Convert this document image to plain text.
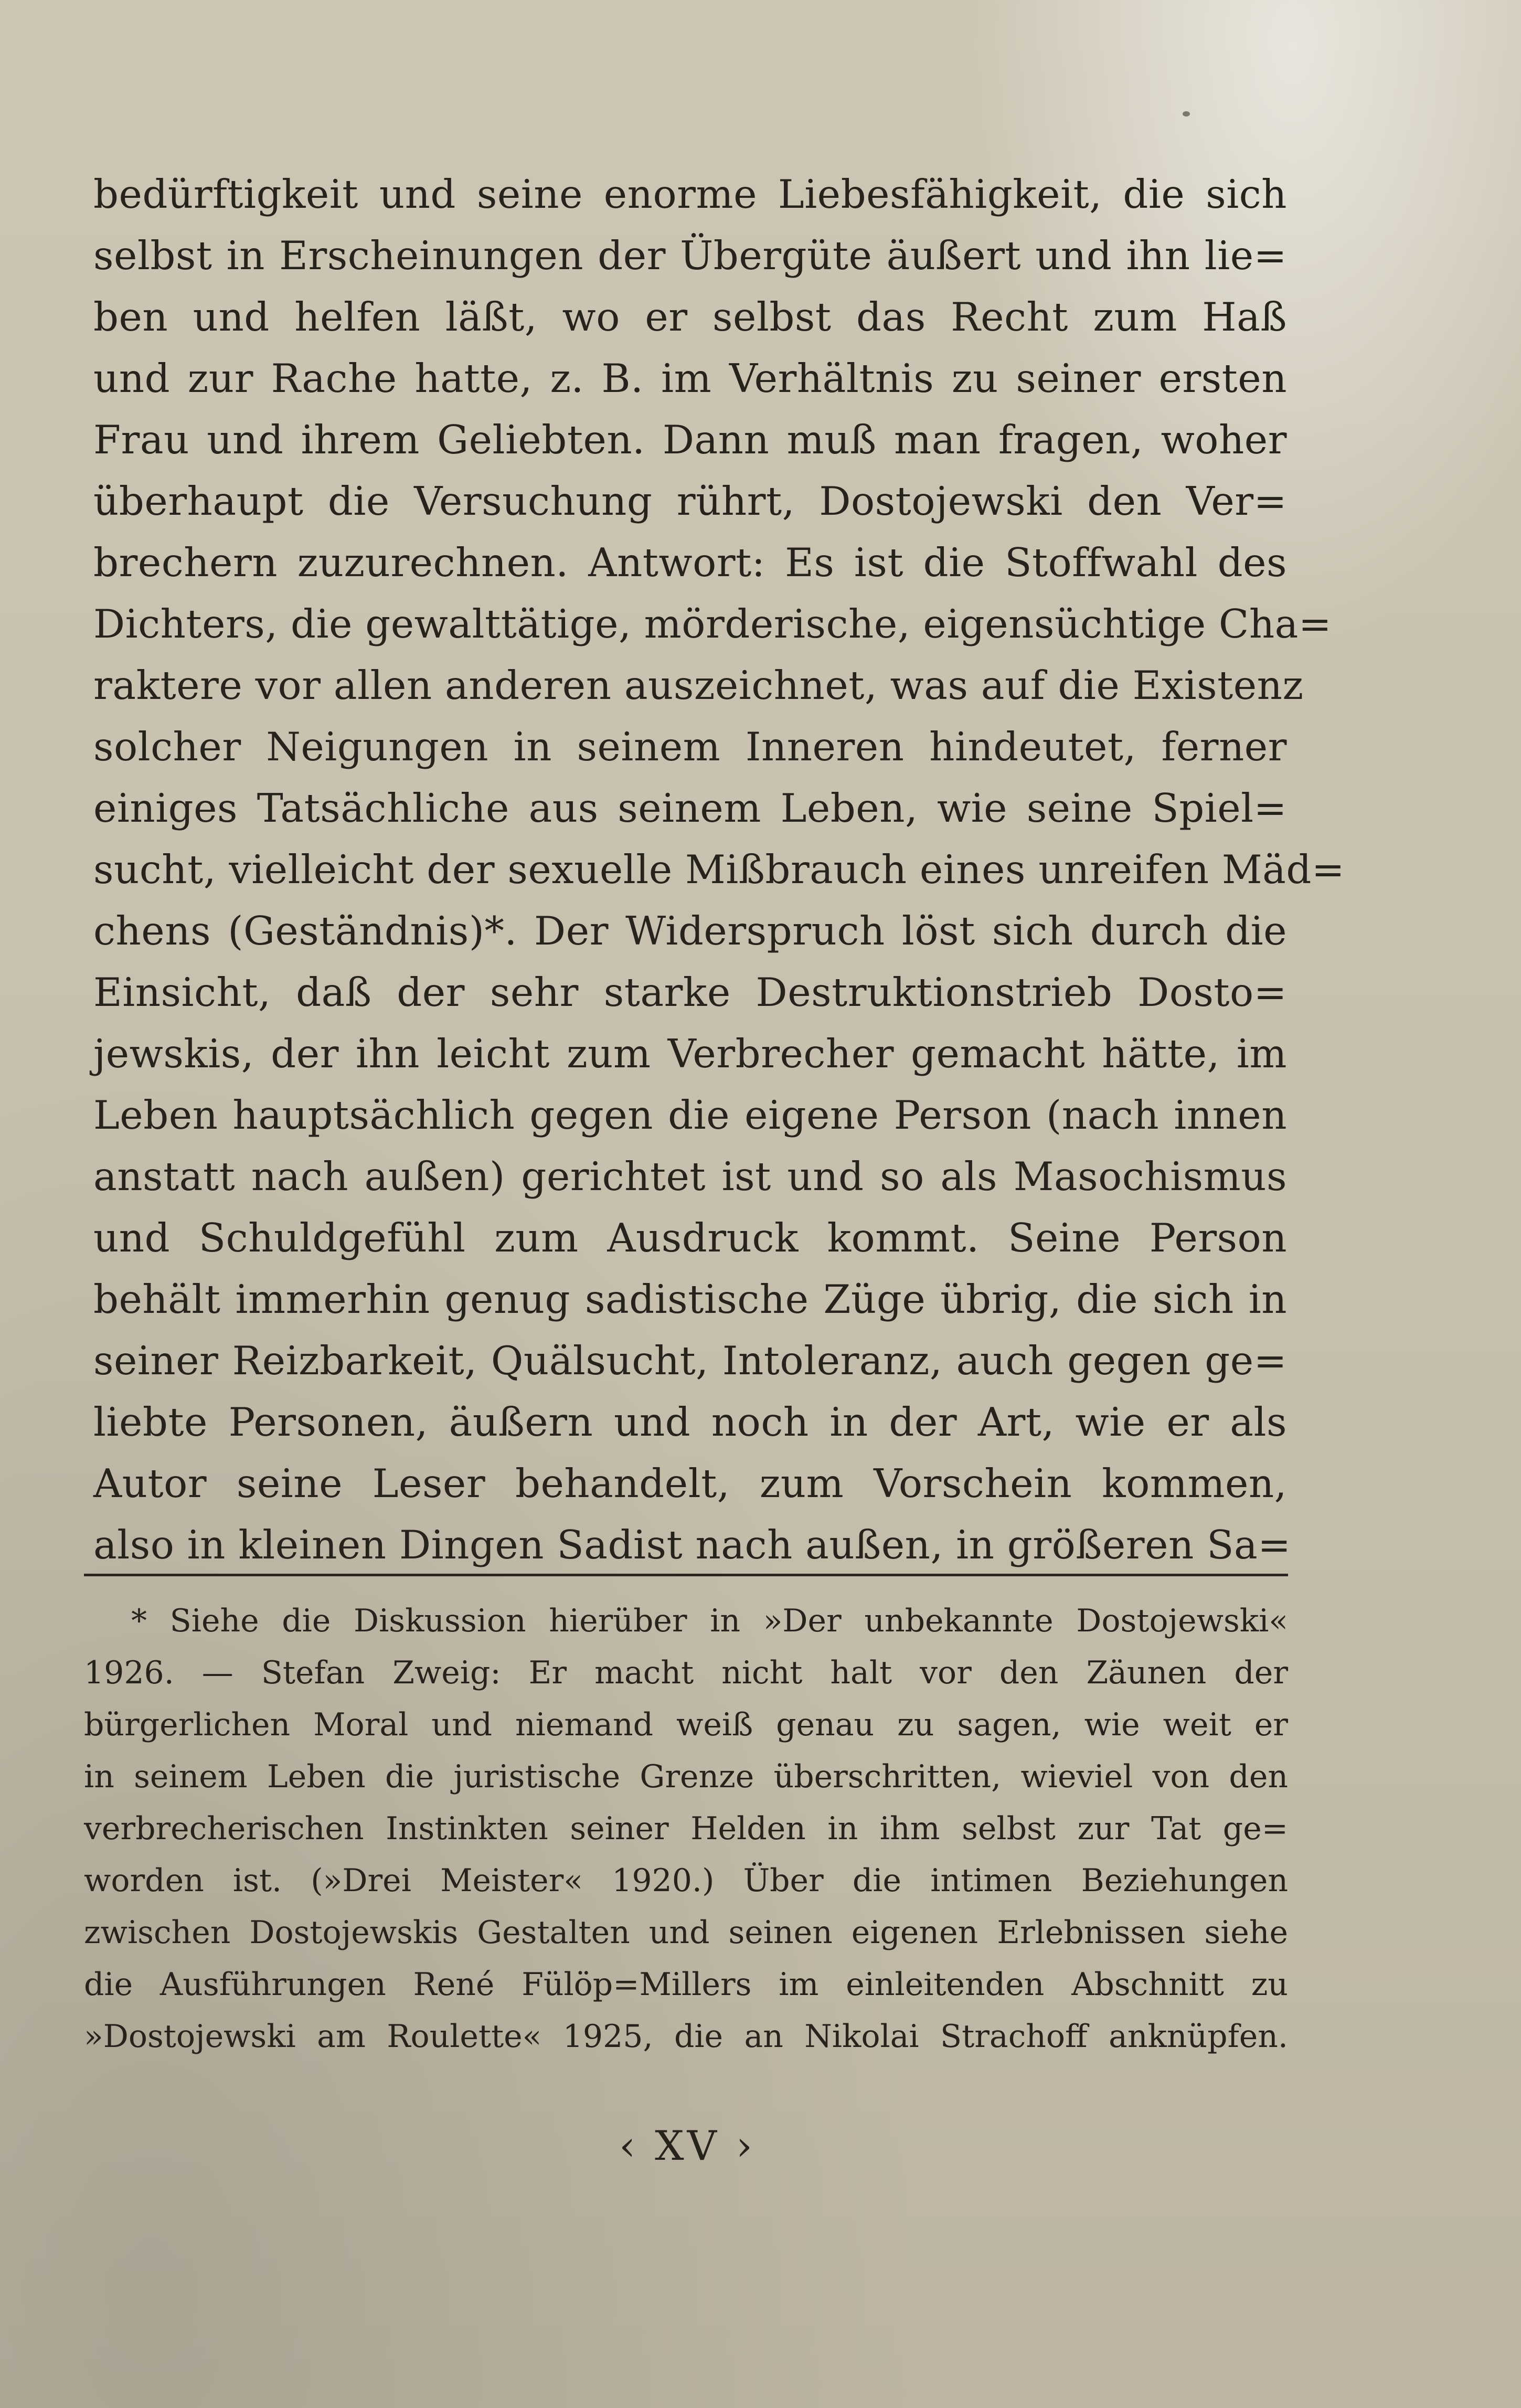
bedürftigkeit und seine enorme Liebesfähigkeit, die sich
selbst in Erscheinungen der Übergüte äußert und ihn lie=
ben und helfen läßt, wo er selbst das Recht zum Haß
und zur Rache hatte, z. B. im Verhältnis zu seiner ersten
Frau und ihrem Geliebten. Dann muß man fragen, woher
überhaupt die Versuchung rührt, Dostojewski den Ver=
brechern zuzurechnen. Antwort: Es ist die Stoffwahl des
Dichters, die gewalttätige, mörderische, eigensüchtige Cha=
raktere vor allen anderen auszeichnet, was auf die Existenz
solcher Neigungen in seinem Inneren hindeutet, ferner
einiges Tatsächliche aus seinem Leben, wie seine Spiel=
sucht, vielleicht der sexuelle Mißbrauch eines unreifen Mäd=
chens (Geständnis)*. Der Widerspruch löst sich durch die
Einsicht, daß der sehr starke Destruktionstrieb Dosto=
jewskis, der ihn leicht zum Verbrecher gemacht hätte, im
Leben hauptsächlich gegen die eigene Person (nach innen
anstatt nach außen) gerichtet ist und so als Masochismus
und Schuldgefühl zum Ausdruck kommt. Seine Person
behält immerhin genug sadistische Züge übrig, die sich in
seiner Reizbarkeit, Quälsucht, Intoleranz, auch gegen ge=
liebte Personen, äußern und noch in der Art, wie er als
Autor seine Leser behandelt, zum Vorschein kommen,
also in kleinen Dingen Sadist nach außen, in größeren Sa=
* Siehe die Diskussion hierüber in »Der unbekannte Dostojewski«
1926. — Stefan Zweig: Er macht nicht halt vor den Zäunen der
bürgerlichen Moral und niemand weiß genau zu sagen, wie weit er
in seinem Leben die juristische Grenze überschritten, wieviel von den
verbrecherischen Instinkten seiner Helden in ihm selbst zur Tat ge=
worden ist. (»Drei Meister« 1920.) Über die intimen Beziehungen
zwischen Dostojewskis Gestalten und seinen eigenen Erlebnissen siehe
die Ausführungen René Fülöp=Millers im einleitenden Abschnitt zu
»Dostojewski am Roulette« 1925, die an Nikolai Strachoff anknüpfen.
‹ XV ›
